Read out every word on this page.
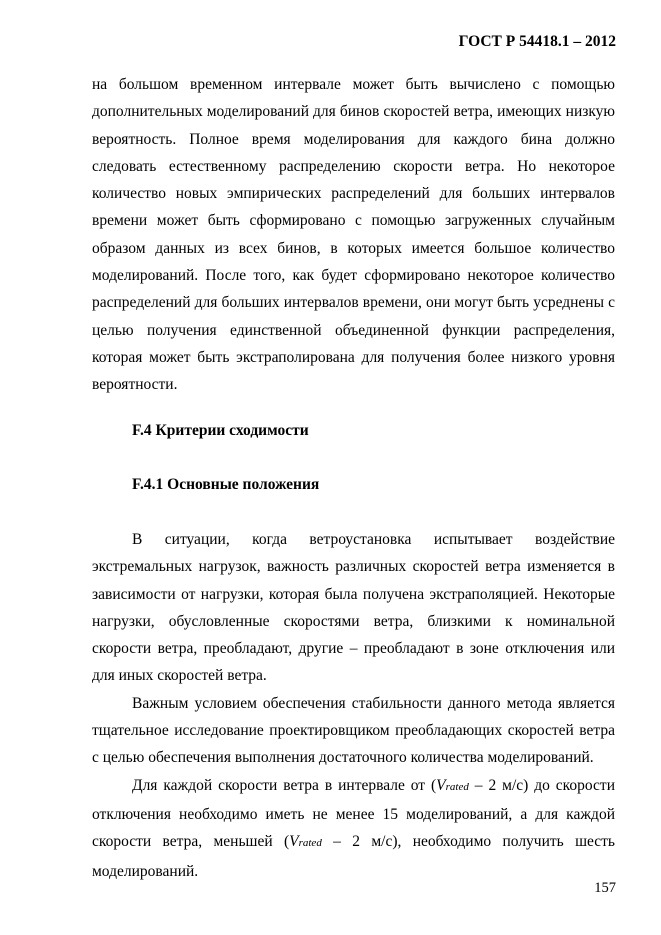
ГОСТ Р 54418.1 – 2012

на большом временном интервале может быть вычислено с помощью дополнительных моделирований для бинов скоростей ветра, имеющих низкую вероятность. Полное время моделирования для каждого бина должно следовать естественному распределению скорости ветра. Но некоторое количество новых эмпирических распределений для больших интервалов времени может быть сформировано с помощью загруженных случайным образом данных из всех бинов, в которых имеется большое количество моделирований. После того, как будет сформировано некоторое количество распределений для больших интервалов времени, они могут быть усреднены с целью получения единственной объединенной функции распределения, которая может быть экстраполирована для получения более низкого уровня вероятности.

F.4 Критерии сходимости
F.4.1 Основные положения

В ситуации, когда ветроустановка испытывает воздействие экстремальных нагрузок, важность различных скоростей ветра изменяется в зависимости от нагрузки, которая была получена экстраполяцией. Некоторые нагрузки, обусловленные скоростями ветра, близкими к номинальной скорости ветра, преобладают, другие – преобладают в зоне отключения или для иных скоростей ветра.

Важным условием обеспечения стабильности данного метода является тщательное исследование проектировщиком преобладающих скоростей ветра с целью обеспечения выполнения достаточного количества моделирований.

Для каждой скорости ветра в интервале от (Vrated – 2 м/с) до скорости отключения необходимо иметь не менее 15 моделирований, а для каждой скорости ветра, меньшей (Vrated – 2 м/с), необходимо получить шесть моделирований.

157
